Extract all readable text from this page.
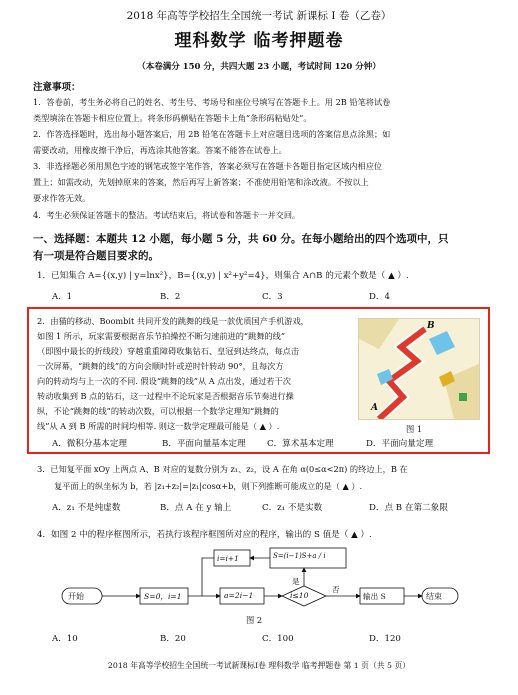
2018 年高等学校招生全国统一考试 新课标 Ⅰ 卷（乙卷）
理科数学 临考押题卷
（本卷满分 150 分，共四大题 23 小题，考试时间 120 分钟）
注意事项：
1．答卷前，考生务必将自己的姓名、考生号、考场号和座位号填写在答题卡上。用 2B 铅笔将试卷
类型填涂在答题卡相应位置上。将条形码横贴在答题卡上角“条形码粘贴处”。
2．作答选择题时，选出每小题答案后，用 2B 铅笔在答题卡上对应题目选项的答案信息点涂黑；如
需要改动，用橡皮擦干净后，再选涂其他答案。答案不能答在试卷上。
3．非选择题必须用黑色字迹的钢笔或签字笔作答，答案必须写在答题卡各题目指定区域内相应位
置上；如需改动，先划掉原来的答案，然后再写上新答案；不准使用铅笔和涂改液。不按以上
要求作答无效。
4．考生必须保证答题卡的整洁。考试结束后，将试卷和答题卡一并交回。
一、选择题：本题共 12 小题，每小题 5 分，共 60 分。在每小题给出的四个选项中，只
有一项是符合题目要求的。
1．已知集合 A={(x,y) | y=lnx²}，B={(x,y) | x²+y²=4}，则集合 A∩B 的元素个数是（ ▲ ）.
A．1	B．2	C．3	D．4
2．由猫的移动、Boombit 共同开发的跳舞的线是一款优质国产手机游戏，
如图 1 所示，玩家需要根据音乐节拍操控不断匀速前进的“跳舞的线”
（即图中最长的折线段）穿越重重障碍收集钻石、皇冠到达终点，每点击
一次屏幕，“跳舞的线”的方向会顺时针或逆时针转动 90°，且每次方
向的转动均与上一次的不同. 假设“跳舞的线”从 A 点出发，通过若干次
转动收集到 B 点的钻石，这一过程中不论玩家是否根据音乐节奏进行操
纵，不论“跳舞的线”的转动次数，可以根据一个数学定理知“跳舞的
线”从 A 到 B 所需的时间均相等. 则这一数学定理最可能是（ ▲ ）.
B
A
图 1
A．微积分基本定理	B．平面向量基本定理 C．算术基本定理	D．平面向量定理
3．已知复平面 xOy 上两点 A、B 对应的复数分别为 z₁、z₂，设 A 在角 α(0≤α<2π) 的终边上，B 在
复平面上的纵坐标为 b，若 |z₁+z₂|=|z₁|cosα+b，则下列推断可能成立的是（ ▲ ）.
A．z₁ 不是纯虚数	B．点 A 在 y 轴上	C．z₁ 不是实数	D．点 B 在第二象限
4．如图 2 中的程序框图所示，若执行该程序框图所对应的程序，输出的 S 值是（ ▲ ）.
开始	S=0，i=1	a=2i−1	i≤10
是
否
S=(i−1)S+a / i
i=i+1
输出 S	结束
图 2
A．10	B．20	C．100	D．120
2018 年高等学校招生全国统一考试新课标Ⅰ卷 理科数学 临考押题卷 第 1 页（共 5 页）
